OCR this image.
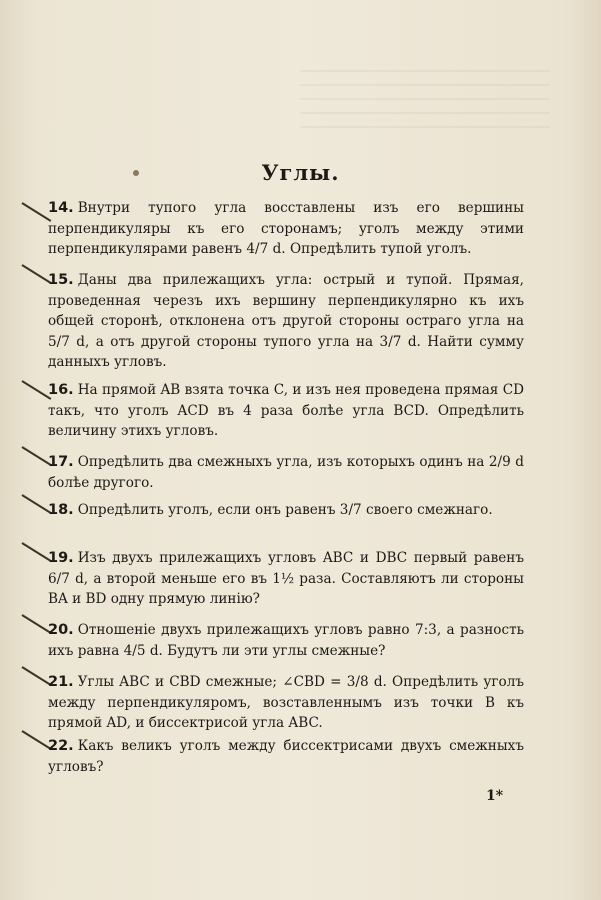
Углы.
14. Внутри тупого угла восставлены изъ его вершины перпендикуляры къ его сторонамъ; уголъ между этими перпендикулярами равенъ 4/7 d. Опредѣлить тупой уголъ.
15. Даны два прилежащихъ угла: острый и тупой. Прямая, проведенная черезъ ихъ вершину перпендикулярно къ ихъ общей сторонѣ, отклонена отъ другой стороны остраго угла на 5/7 d, а отъ другой стороны тупого угла на 3/7 d. Найти сумму данныхъ угловъ.
16. На прямой AB взята точка C, и изъ нея проведена прямая CD такъ, что уголъ ACD въ 4 раза болѣе угла BCD. Опредѣлить величину этихъ угловъ.
17. Опредѣлить два смежныхъ угла, изъ которыхъ одинъ на 2/9 d болѣе другого.
18. Опредѣлить уголъ, если онъ равенъ 3/7 своего смежнаго.
19. Изъ двухъ прилежащихъ угловъ ABC и DBC первый равенъ 6/7 d, а второй меньше его въ 1½ раза. Составляютъ ли стороны BA и BD одну прямую линію?
20. Отношеніе двухъ прилежащихъ угловъ равно 7:3, а разность ихъ равна 4/5 d. Будутъ ли эти углы смежные?
21. Углы ABC и CBD смежные; ∠CBD = 3/8 d. Опредѣлить уголъ между перпендикуляромъ, возставленнымъ изъ точки B къ прямой AD, и биссектрисой угла ABC.
22. Какъ великъ уголъ между биссектрисами двухъ смежныхъ угловъ?
1*
